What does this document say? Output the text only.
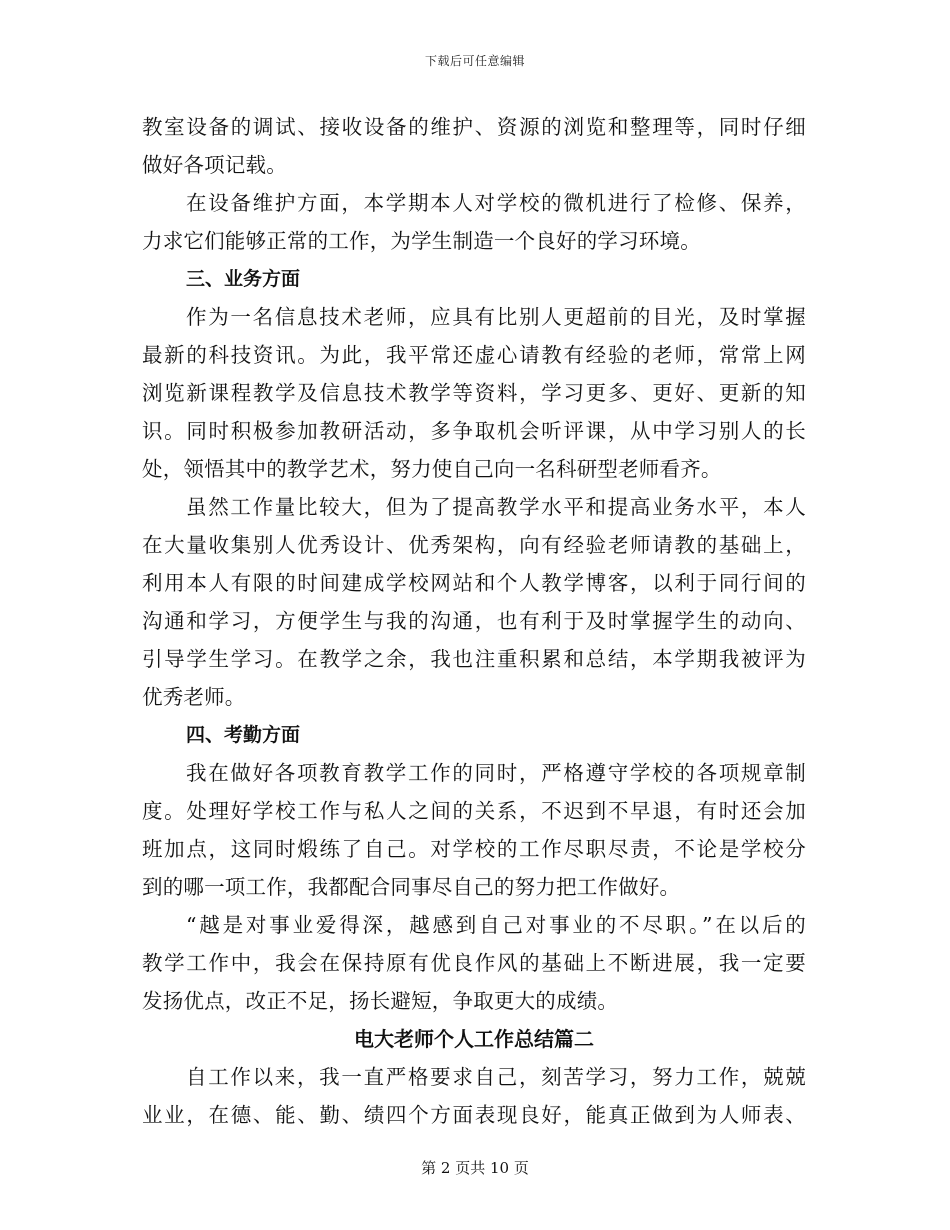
下载后可任意编辑
教室设备的调试、接收设备的维护、资源的浏览和整理等，同时仔细
做好各项记载。
在设备维护方面，本学期本人对学校的微机进行了检修、保养，
力求它们能够正常的工作，为学生制造一个良好的学习环境。
三、业务方面
作为一名信息技术老师，应具有比别人更超前的目光，及时掌握
最新的科技资讯。为此，我平常还虚心请教有经验的老师，常常上网
浏览新课程教学及信息技术教学等资料，学习更多、更好、更新的知
识。同时积极参加教研活动，多争取机会听评课，从中学习别人的长
处，领悟其中的教学艺术，努力使自己向一名科研型老师看齐。
虽然工作量比较大，但为了提高教学水平和提高业务水平，本人
在大量收集别人优秀设计、优秀架构，向有经验老师请教的基础上，
利用本人有限的时间建成学校网站和个人教学博客，以利于同行间的
沟通和学习，方便学生与我的沟通，也有利于及时掌握学生的动向、
引导学生学习。在教学之余，我也注重积累和总结，本学期我被评为
优秀老师。
四、考勤方面
我在做好各项教育教学工作的同时，严格遵守学校的各项规章制
度。处理好学校工作与私人之间的关系，不迟到不早退，有时还会加
班加点，这同时煅练了自己。对学校的工作尽职尽责，不论是学校分
到的哪一项工作，我都配合同事尽自己的努力把工作做好。
“越是对事业爱得深，越感到自己对事业的不尽职。”在以后的
教学工作中，我会在保持原有优良作风的基础上不断进展，我一定要
发扬优点，改正不足，扬长避短，争取更大的成绩。
电大老师个人工作总结篇二
自工作以来，我一直严格要求自己，刻苦学习，努力工作，兢兢
业业，在德、能、勤、绩四个方面表现良好，能真正做到为人师表、
第 2 页共 10 页
